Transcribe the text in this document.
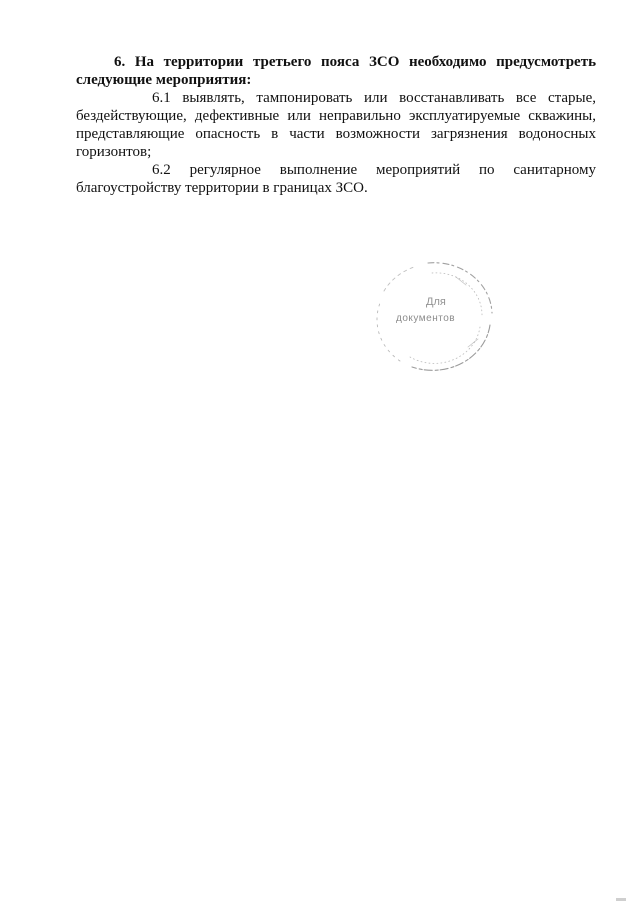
6. На территории третьего пояса ЗСО необходимо предусмотреть следующие мероприятия:

6.1 выявлять, тампонировать или восстанавливать все старые, бездействующие, дефективные или неправильно эксплуатируемые скважины, представляющие опасность в части возможности загрязнения водоносных горизонтов;

6.2 регулярное выполнение мероприятий по санитарному благоустройству территории в границах ЗСО.

Для
документов
